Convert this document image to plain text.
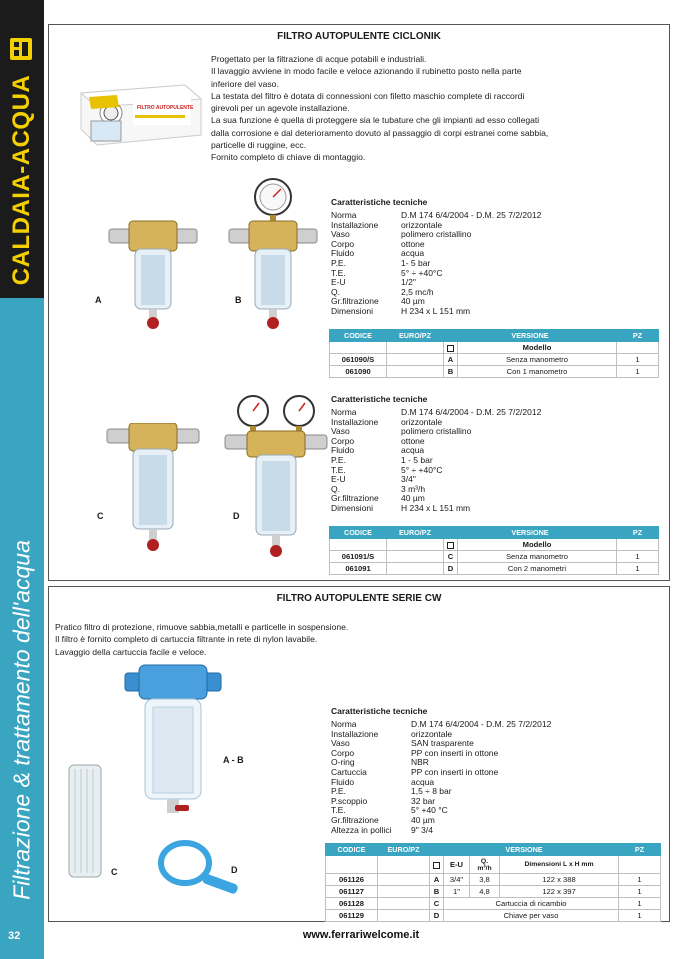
CALDAIA-ACQUA
Filtrazione & trattamento dell'acqua
32	www.ferrariwelcome.it
FILTRO AUTOPULENTE CICLONIK
FILTRO AUTOPULENTE
Progettato per la filtrazione di acque potabili e industriali.
Il lavaggio avviene in modo facile e veloce azionando il rubinetto posto nella parte
inferiore del vaso.
La testata del filtro è dotata di connessioni con filetto maschio complete di raccordi
girevoli per un agevole installazione.
La sua funzione è quella di proteggere sia le tubature che gli impianti ad esso collegati
dalla corrosione e dal deterioramento dovuto al passaggio di corpi estranei come sabbia,
particelle di ruggine, ecc.
Fornito completo di chiave di montaggio.
A	B
Caratteristiche tecniche
Norma	D.M 174 6/4/2004 - D.M. 25 7/2/2012
Installazione	orizzontale
Vaso	polimero cristallino
Corpo	ottone
Fluido	acqua
P.E.	1- 5 bar
T.E.	5° ÷ +40°C
E-U	1/2"
Q.	2,5 mc/h
Gr.filtrazione	40 µm
Dimensioni	H 234 x L 151 mm
CODICE	EURO/PZ	VERSIONE		PZ
			Modello	
061090/S		A	Senza manometro	1
061090		B	Con 1 manometro	1
C	D
Caratteristiche tecniche
Norma	D.M 174 6/4/2004 - D.M. 25 7/2/2012
Installazione	orizzontale
Vaso	polimero cristallino
Corpo	ottone
Fluido	acqua
P.E.	1 - 5 bar
T.E.	5° ÷ +40°C
E-U	3/4"
Q.	3 m³/h
Gr.filtrazione	40 µm
Dimensioni	H 234 x L 151 mm
CODICE	EURO/PZ	VERSIONE		PZ
			Modello	
061091/S		C	Senza manometro	1
061091		D	Con 2 manometri	1
FILTRO AUTOPULENTE SERIE CW
Pratico filtro di protezione, rimuove sabbia,metalli e particelle in sospensione.
Il filtro è fornito completo di cartuccia filtrante in rete di nylon lavabile.
Lavaggio della cartuccia facile e veloce.
A - B
C	D
Caratteristiche tecniche
Norma	D.M 174 6/4/2004 - D.M. 25 7/2/2012
Installazione	orizzontale
Vaso	SAN trasparente
Corpo	PP con inserti in ottone
O-ring	NBR
Cartuccia	PP con inserti in ottone
Fluido	acqua
P.E.	1,5 ÷ 8 bar
P.scoppio	32 bar
T.E.	5° +40 °C
Gr.filtrazione	40 µm
Altezza in pollici	9" 3/4
CODICE	EURO/PZ	VERSIONE				PZ
			E-U	Q. m³/h	Dimensioni L x H mm	
061126		A	3/4"	3,8	122 x 388	1
061127		B	1"	4,8	122 x 397	1
061128		C	Cartuccia di ricambio			1
061129		D	Chiave per vaso			1
